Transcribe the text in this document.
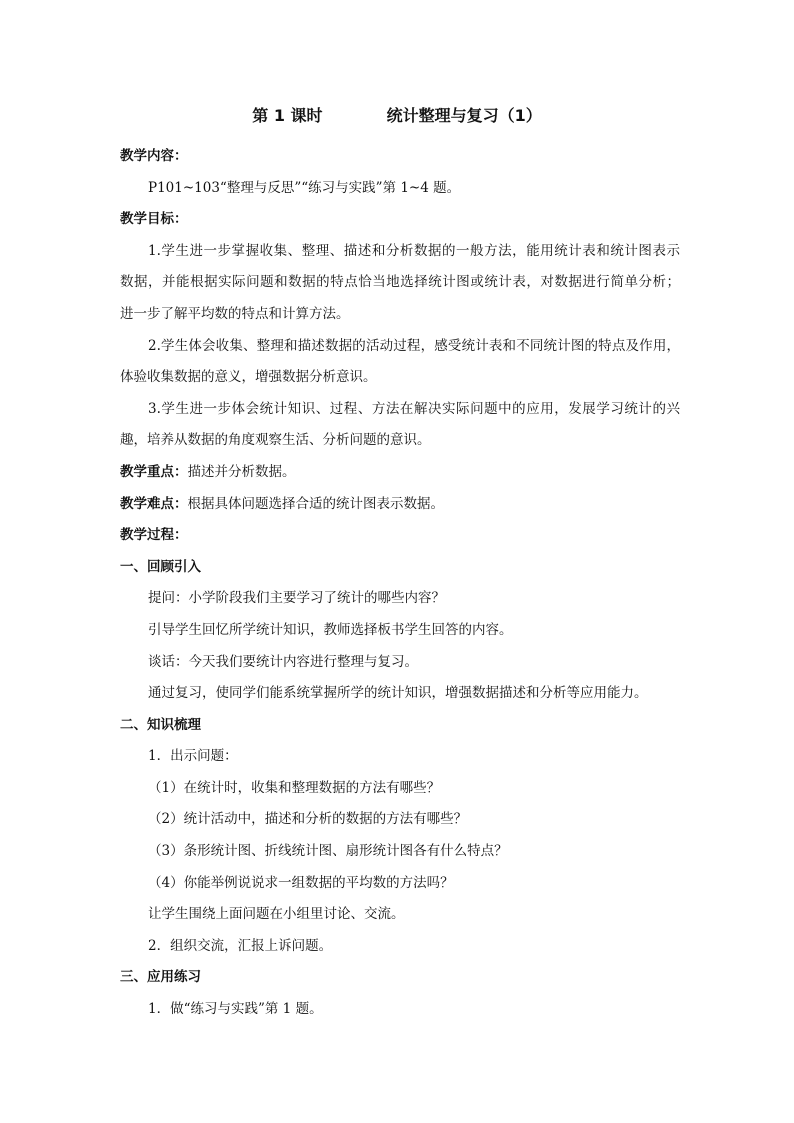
第 1 课时	统计整理与复习（1）
教学内容：
P101~103“整理与反思”“练习与实践”第 1~4 题。
教学目标：
1.学生进一步掌握收集、整理、描述和分析数据的一般方法，能用统计表和统计图表示
数据，并能根据实际问题和数据的特点恰当地选择统计图或统计表，对数据进行简单分析；
进一步了解平均数的特点和计算方法。
2.学生体会收集、整理和描述数据的活动过程，感受统计表和不同统计图的特点及作用，
体验收集数据的意义，增强数据分析意识。
3.学生进一步体会统计知识、过程、方法在解决实际问题中的应用，发展学习统计的兴
趣，培养从数据的角度观察生活、分析问题的意识。
教学重点：描述并分析数据。
教学难点：根据具体问题选择合适的统计图表示数据。
教学过程：
一、回顾引入
提问：小学阶段我们主要学习了统计的哪些内容？
引导学生回忆所学统计知识，教师选择板书学生回答的内容。
谈话：今天我们要统计内容进行整理与复习。
通过复习，使同学们能系统掌握所学的统计知识，增强数据描述和分析等应用能力。
二、知识梳理
1．出示问题：
（1）在统计时，收集和整理数据的方法有哪些？
（2）统计活动中，描述和分析的数据的方法有哪些？
（3）条形统计图、折线统计图、扇形统计图各有什么特点？
（4）你能举例说说求一组数据的平均数的方法吗？
让学生围绕上面问题在小组里讨论、交流。
2．组织交流，汇报上诉问题。
三、应用练习
1．做“练习与实践”第 1 题。
